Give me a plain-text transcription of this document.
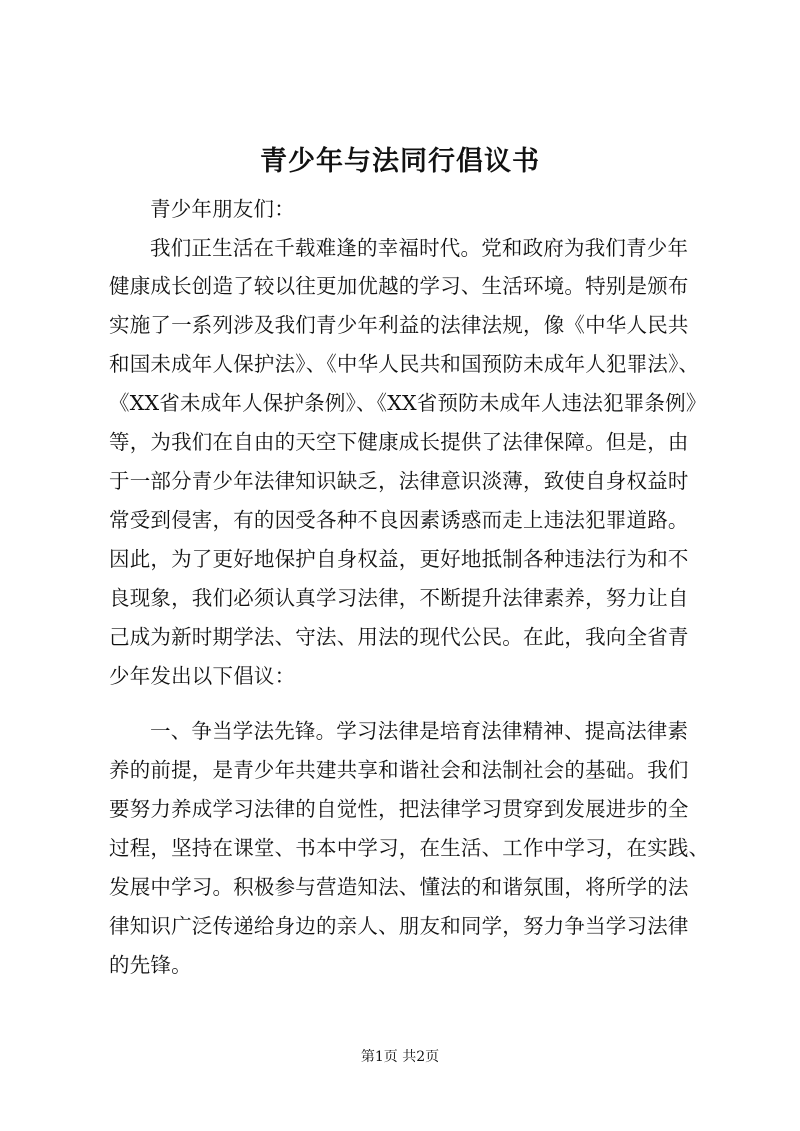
青少年与法同行倡议书
青少年朋友们：
我们正生活在千载难逢的幸福时代。党和政府为我们青少年
健康成长创造了较以往更加优越的学习、生活环境。特别是颁布
实施了一系列涉及我们青少年利益的法律法规，像《中华人民共
和国未成年人保护法》、《中华人民共和国预防未成年人犯罪法》、
《XX省未成年人保护条例》、《XX省预防未成年人违法犯罪条例》
等，为我们在自由的天空下健康成长提供了法律保障。但是，由
于一部分青少年法律知识缺乏，法律意识淡薄，致使自身权益时
常受到侵害，有的因受各种不良因素诱惑而走上违法犯罪道路。
因此，为了更好地保护自身权益，更好地抵制各种违法行为和不
良现象，我们必须认真学习法律，不断提升法律素养，努力让自
己成为新时期学法、守法、用法的现代公民。在此，我向全省青
少年发出以下倡议：
一、争当学法先锋。学习法律是培育法律精神、提高法律素
养的前提，是青少年共建共享和谐社会和法制社会的基础。我们
要努力养成学习法律的自觉性，把法律学习贯穿到发展进步的全
过程，坚持在课堂、书本中学习，在生活、工作中学习，在实践、
发展中学习。积极参与营造知法、懂法的和谐氛围，将所学的法
律知识广泛传递给身边的亲人、朋友和同学，努力争当学习法律
的先锋。
第1页 共2页
